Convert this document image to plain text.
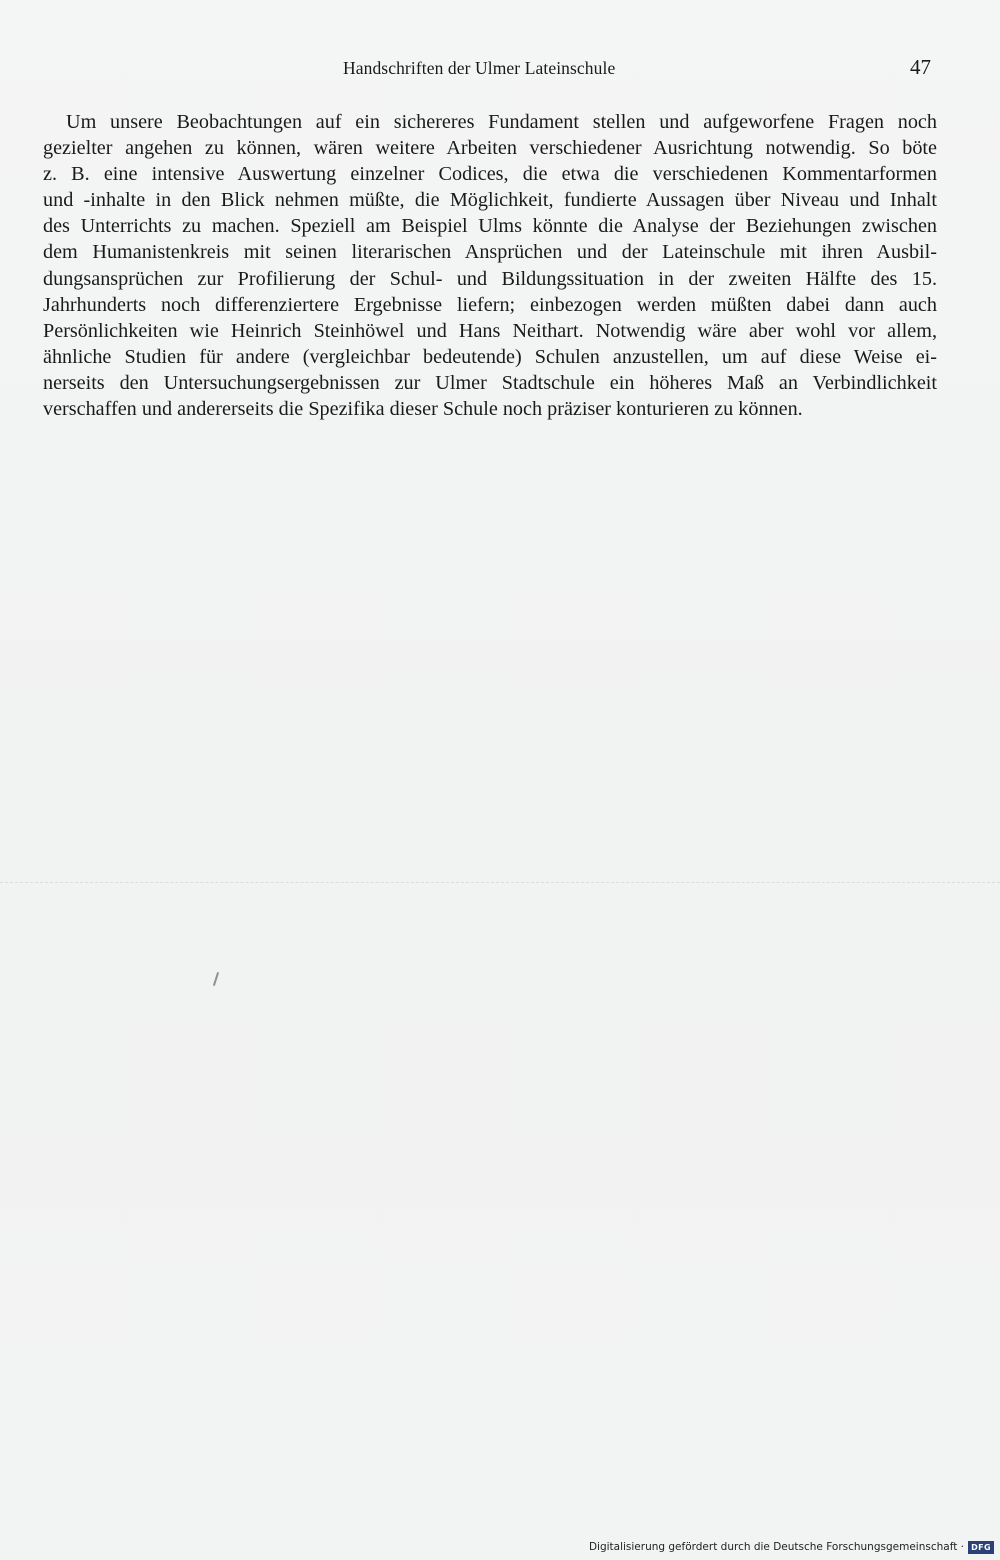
Handschriften der Ulmer Lateinschule	47

Um unsere Beobachtungen auf ein sichereres Fundament stellen und aufgeworfene Fragen noch
gezielter angehen zu können, wären weitere Arbeiten verschiedener Ausrichtung notwendig. So böte
z. B. eine intensive Auswertung einzelner Codices, die etwa die verschiedenen Kommentarformen
und -inhalte in den Blick nehmen müßte, die Möglichkeit, fundierte Aussagen über Niveau und Inhalt
des Unterrichts zu machen. Speziell am Beispiel Ulms könnte die Analyse der Beziehungen zwischen
dem Humanistenkreis mit seinen literarischen Ansprüchen und der Lateinschule mit ihren Ausbil-
dungsansprüchen zur Profilierung der Schul- und Bildungssituation in der zweiten Hälfte des 15.
Jahrhunderts noch differenziertere Ergebnisse liefern; einbezogen werden müßten dabei dann auch
Persönlichkeiten wie Heinrich Steinhöwel und Hans Neithart. Notwendig wäre aber wohl vor allem,
ähnliche Studien für andere (vergleichbar bedeutende) Schulen anzustellen, um auf diese Weise ei-
nerseits den Untersuchungsergebnissen zur Ulmer Stadtschule ein höheres Maß an Verbindlichkeit
verschaffen und andererseits die Spezifika dieser Schule noch präziser konturieren zu können.

Digitalisierung gefördert durch die Deutsche Forschungsgemeinschaft · DFG
